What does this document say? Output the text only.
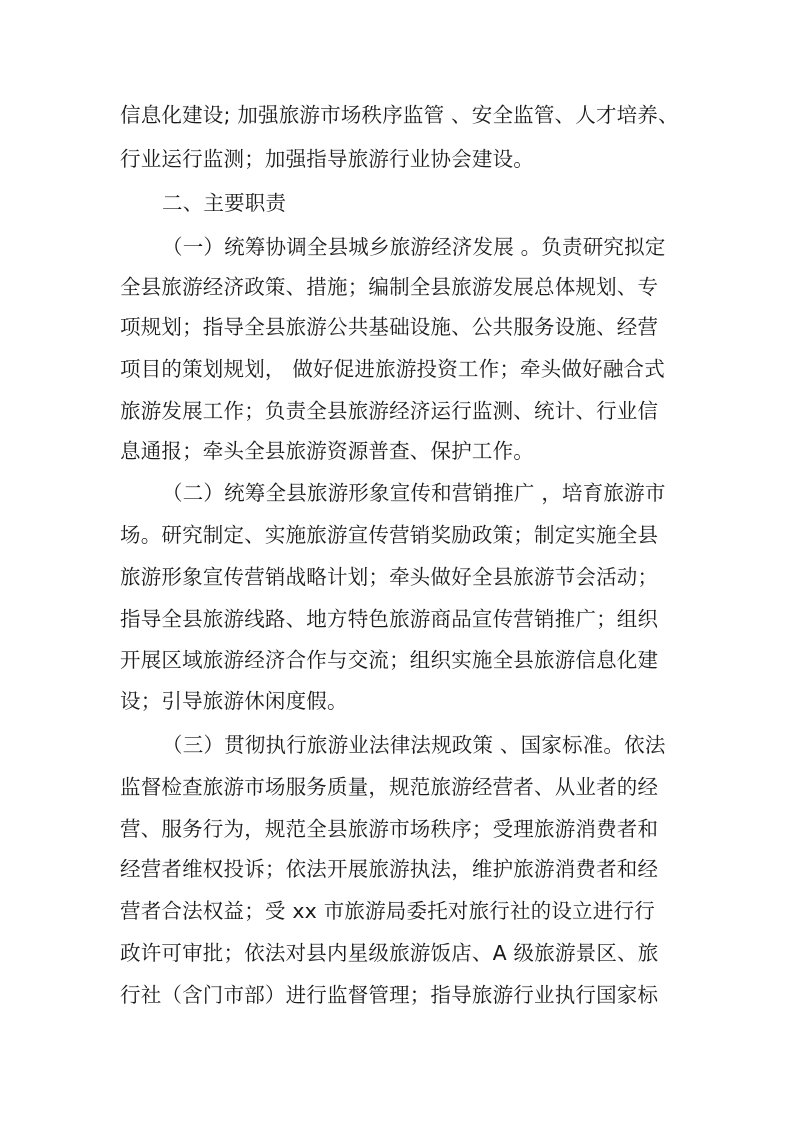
信息化建设; 加强旅游市场秩序监管 、安全监管、人才培养、
行业运行监测；加强指导旅游行业协会建设。
二、主要职责
（一）统筹协调全县城乡旅游经济发展 。负责研究拟定
全县旅游经济政策、措施；编制全县旅游发展总体规划、专
项规划；指导全县旅游公共基础设施、公共服务设施、经营
项目的策划规划， 做好促进旅游投资工作；牵头做好融合式
旅游发展工作；负责全县旅游经济运行监测、统计、行业信
息通报；牵头全县旅游资源普查、保护工作。
（二）统筹全县旅游形象宣传和营销推广 ，培育旅游市
场。研究制定、实施旅游宣传营销奖励政策；制定实施全县
旅游形象宣传营销战略计划；牵头做好全县旅游节会活动；
指导全县旅游线路、地方特色旅游商品宣传营销推广；组织
开展区域旅游经济合作与交流；组织实施全县旅游信息化建
设；引导旅游休闲度假。
（三）贯彻执行旅游业法律法规政策 、国家标准。依法
监督检查旅游市场服务质量，规范旅游经营者、从业者的经
营、服务行为，规范全县旅游市场秩序；受理旅游消费者和
经营者维权投诉；依法开展旅游执法，维护旅游消费者和经
营者合法权益；受 xx 市旅游局委托对旅行社的设立进行行
政许可审批；依法对县内星级旅游饭店、A 级旅游景区、旅
行社（含门市部）进行监督管理；指导旅游行业执行国家标
